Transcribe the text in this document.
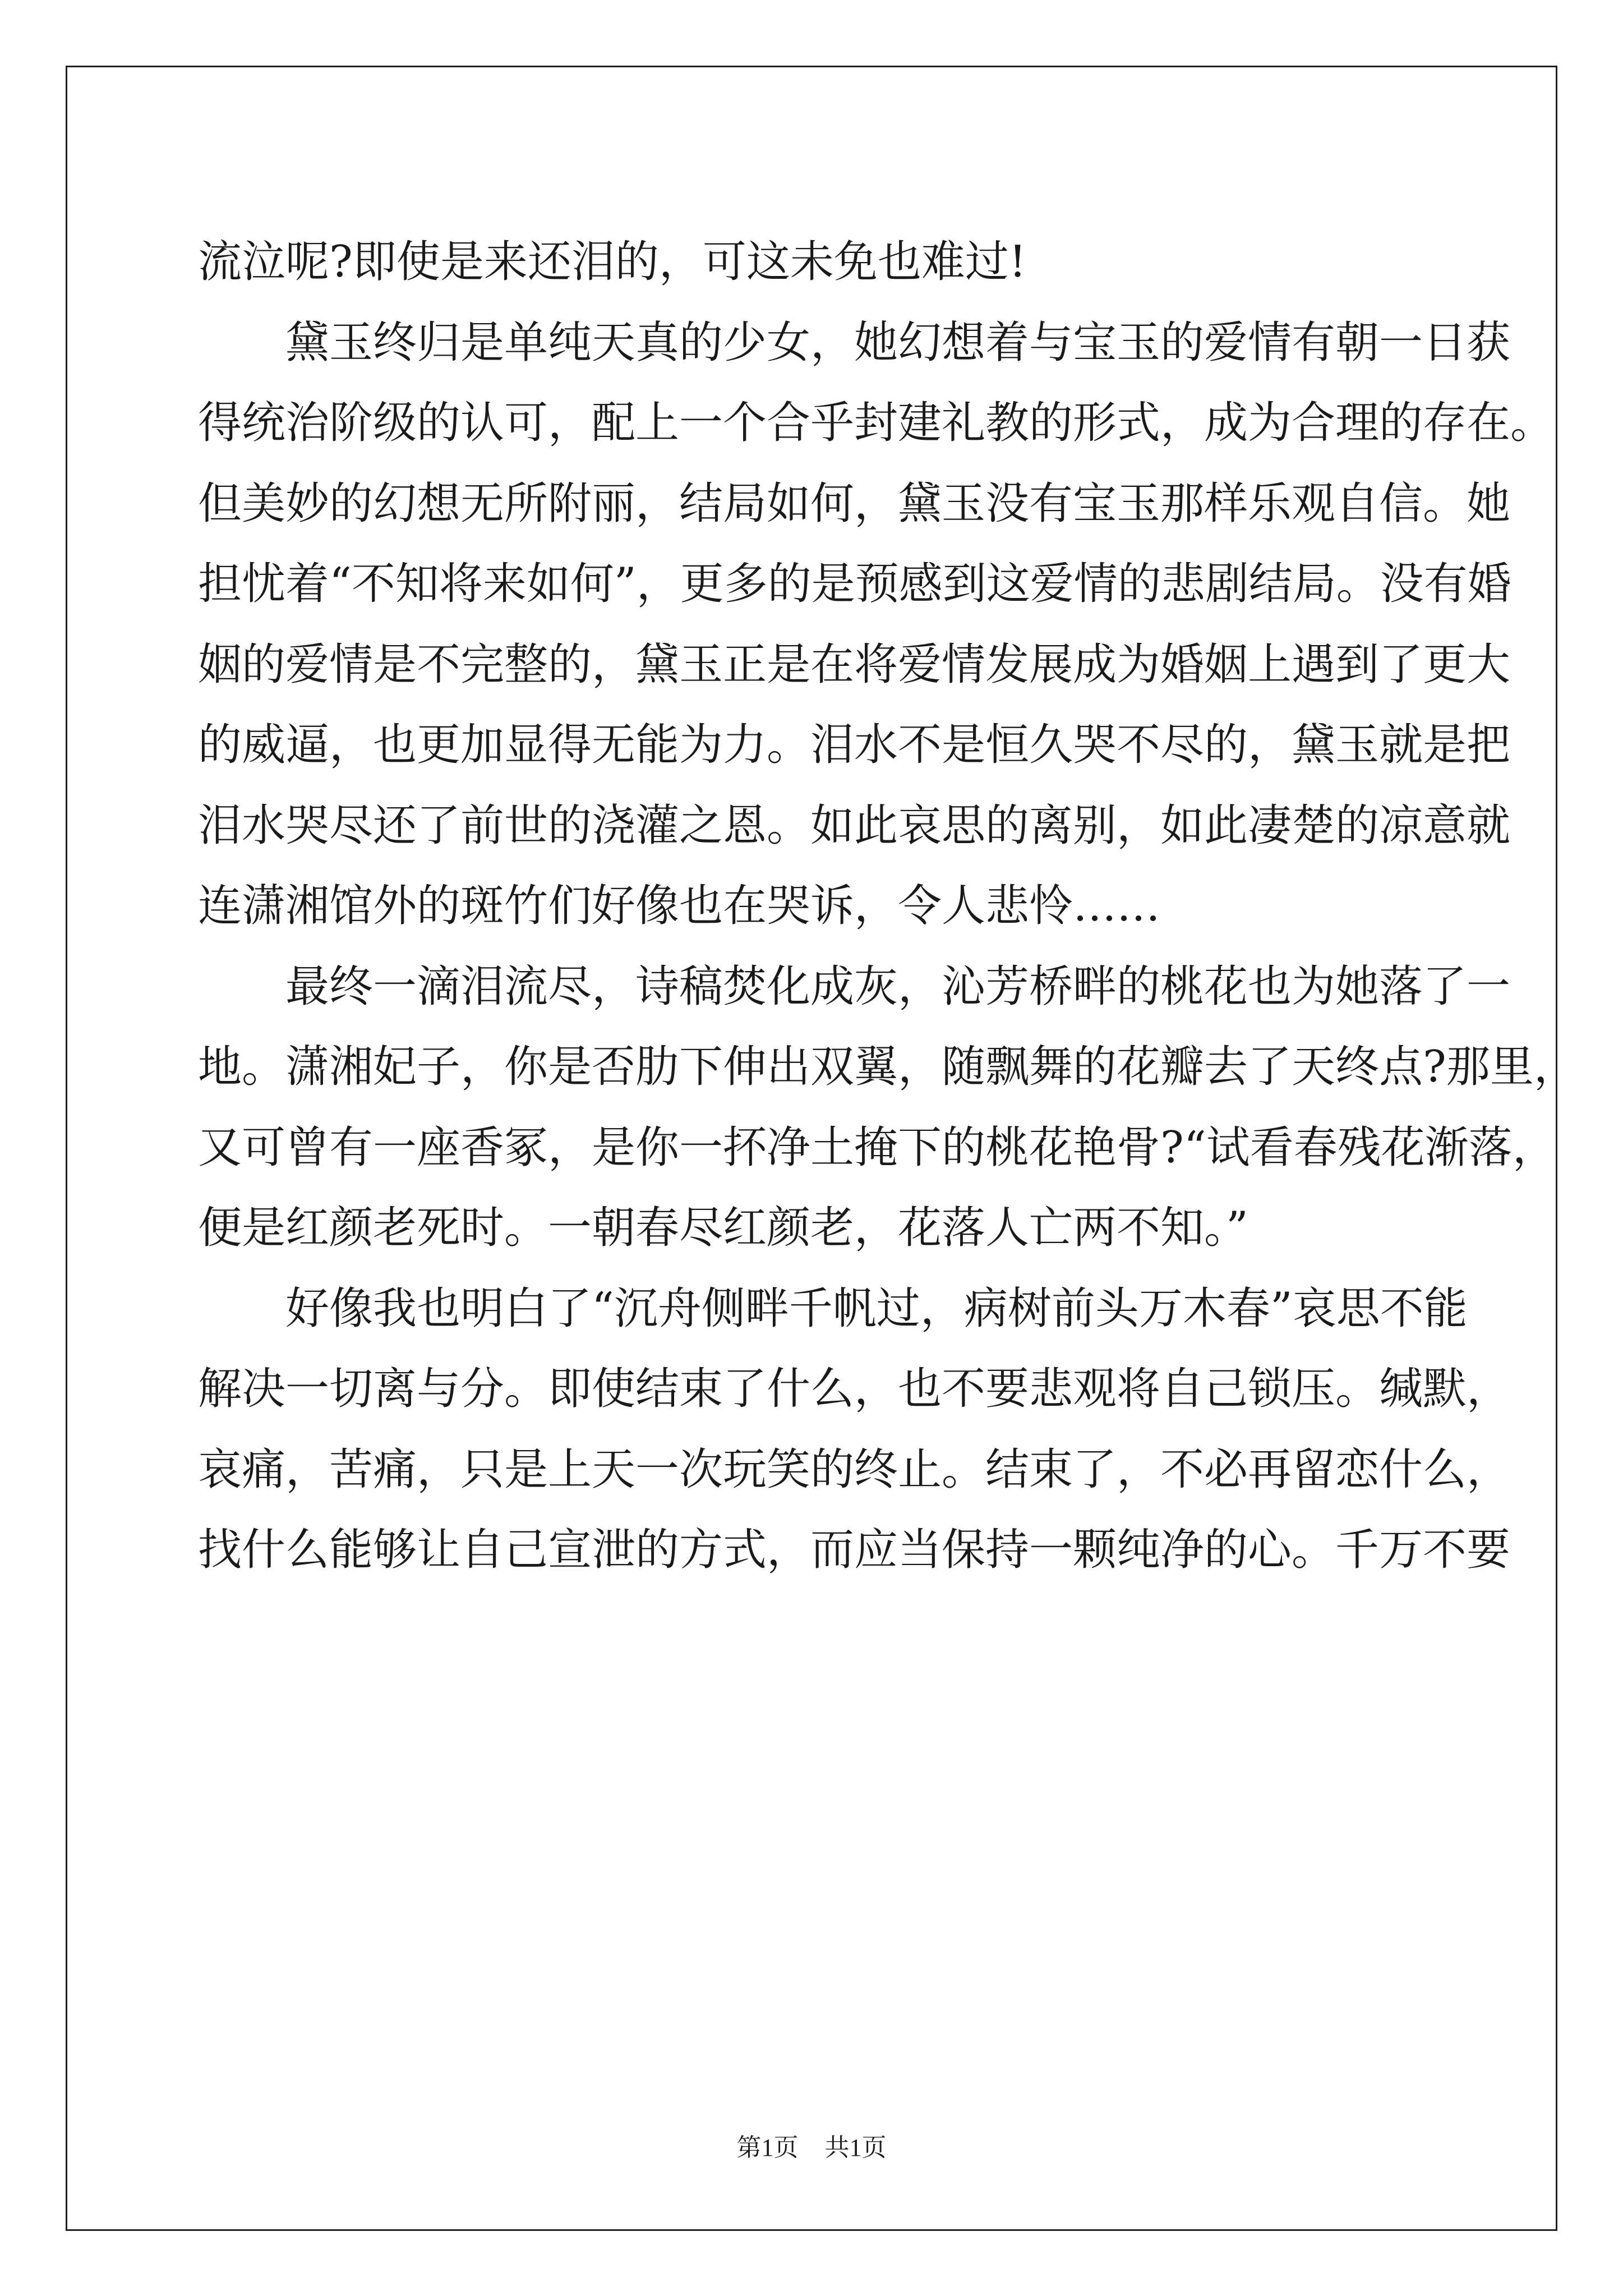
流泣呢?即使是来还泪的，可这未免也难过!
黛玉终归是单纯天真的少女，她幻想着与宝玉的爱情有朝一日获
得统治阶级的认可，配上一个合乎封建礼教的形式，成为合理的存在。
但美妙的幻想无所附丽，结局如何，黛玉没有宝玉那样乐观自信。她
担忧着“不知将来如何”，更多的是预感到这爱情的悲剧结局。没有婚
姻的爱情是不完整的，黛玉正是在将爱情发展成为婚姻上遇到了更大
的威逼，也更加显得无能为力。泪水不是恒久哭不尽的，黛玉就是把
泪水哭尽还了前世的浇灌之恩。如此哀思的离别，如此凄楚的凉意就
连潇湘馆外的斑竹们好像也在哭诉，令人悲怜……
最终一滴泪流尽，诗稿焚化成灰，沁芳桥畔的桃花也为她落了一
地。潇湘妃子，你是否肋下伸出双翼，随飘舞的花瓣去了天终点?那里，
又可曾有一座香冢，是你一抔净土掩下的桃花艳骨?“试看春残花渐落，
便是红颜老死时。一朝春尽红颜老，花落人亡两不知。”
好像我也明白了“沉舟侧畔千帆过，病树前头万木春”哀思不能
解决一切离与分。即使结束了什么，也不要悲观将自己锁压。缄默，
哀痛，苦痛，只是上天一次玩笑的终止。结束了，不必再留恋什么，
找什么能够让自己宣泄的方式，而应当保持一颗纯净的心。千万不要
第1页 共1页
